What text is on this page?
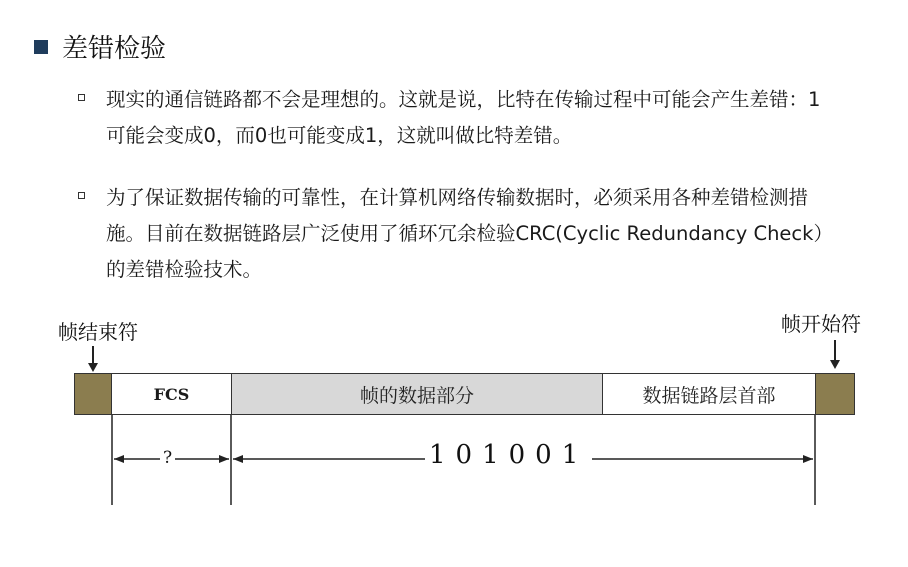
差错检验
现实的通信链路都不会是理想的。这就是说，比特在传输过程中可能会产生差错：1可能会变成0，而0也可能变成1，这就叫做比特差错。
为了保证数据传输的可靠性，在计算机网络传输数据时，必须采用各种差错检测措施。目前在数据链路层广泛使用了循环冗余检验CRC(Cyclic Redundancy Check）的差错检验技术。
帧结束符	帧开始符
FCS	帧的数据部分	数据链路层首部
?	101001
